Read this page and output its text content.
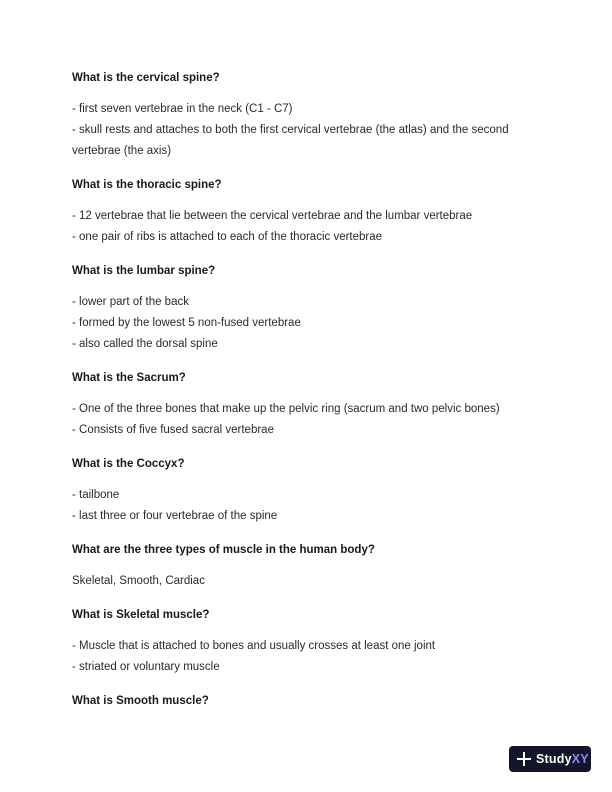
What is the cervical spine?
- first seven vertebrae in the neck (C1 - C7)
- skull rests and attaches to both the first cervical vertebrae (the atlas) and the second
vertebrae (the axis)
What is the thoracic spine?
- 12 vertebrae that lie between the cervical vertebrae and the lumbar vertebrae
- one pair of ribs is attached to each of the thoracic vertebrae
What is the lumbar spine?
- lower part of the back
- formed by the lowest 5 non-fused vertebrae
- also called the dorsal spine
What is the Sacrum?
- One of the three bones that make up the pelvic ring (sacrum and two pelvic bones)
- Consists of five fused sacral vertebrae
What is the Coccyx?
- tailbone
- last three or four vertebrae of the spine
What are the three types of muscle in the human body?
Skeletal, Smooth, Cardiac
What is Skeletal muscle?
- Muscle that is attached to bones and usually crosses at least one joint
- striated or voluntary muscle
What is Smooth muscle?
StudyXY
